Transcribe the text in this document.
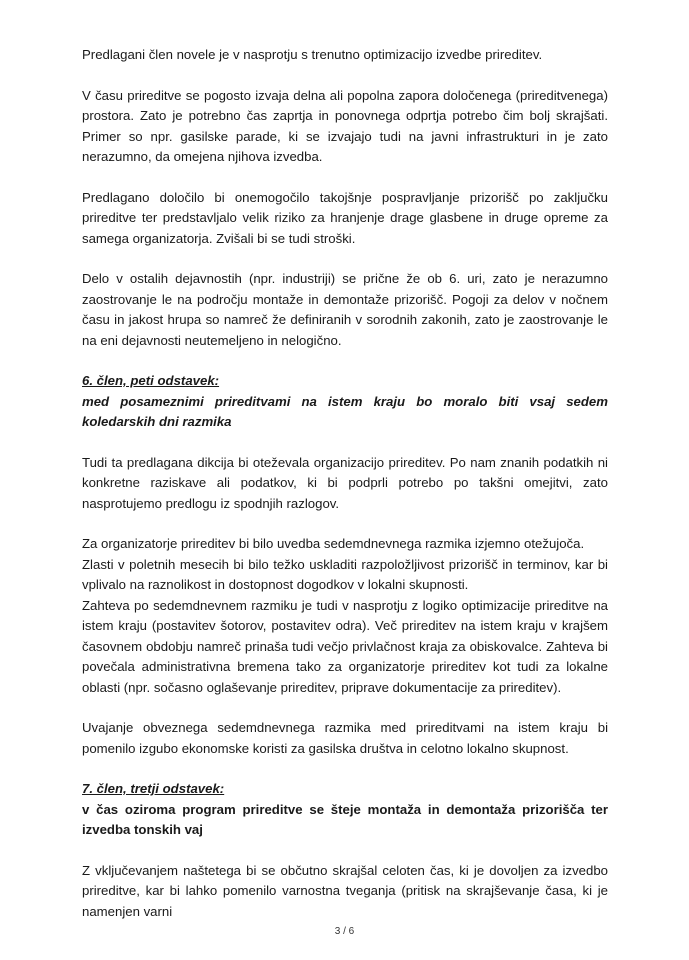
Predlagani člen novele je v nasprotju s trenutno optimizacijo izvedbe prireditev.

V času prireditve se pogosto izvaja delna ali popolna zapora določenega (prireditvenega) prostora. Zato je potrebno čas zaprtja in ponovnega odprtja potrebo čim bolj skrajšati. Primer so npr. gasilske parade, ki se izvajajo tudi na javni infrastrukturi in je zato nerazumno, da omejena njihova izvedba.

Predlagano določilo bi onemogočilo takojšnje pospravljanje prizorišč po zaključku prireditve ter predstavljalo velik riziko za hranjenje drage glasbene in druge opreme za samega organizatorja. Zvišali bi se tudi stroški.

Delo v ostalih dejavnostih (npr. industriji) se prične že ob 6. uri, zato je nerazumno zaostrovanje le na področju montaže in demontaže prizorišč. Pogoji za delov v nočnem času in jakost hrupa so namreč že definiranih v sorodnih zakonih, zato je zaostrovanje le na eni dejavnosti neutemeljeno in nelogično.

6. člen, peti odstavek:

med posameznimi prireditvami na istem kraju bo moralo biti vsaj sedem koledarskih dni razmika

Tudi ta predlagana dikcija bi oteževala organizacijo prireditev. Po nam znanih podatkih ni konkretne raziskave ali podatkov, ki bi podprli potrebo po takšni omejitvi, zato nasprotujemo predlogu iz spodnjih razlogov.

Za organizatorje prireditev bi bilo uvedba sedemdnevnega razmika izjemno otežujoča.

Zlasti v poletnih mesecih bi bilo težko uskladiti razpoložljivost prizorišč in terminov, kar bi vplivalo na raznolikost in dostopnost dogodkov v lokalni skupnosti.

Zahteva po sedemdnevnem razmiku je tudi v nasprotju z logiko optimizacije prireditve na istem kraju (postavitev šotorov, postavitev odra). Več prireditev na istem kraju v krajšem časovnem obdobju namreč prinaša tudi večjo privlačnost kraja za obiskovalce. Zahteva bi povečala administrativna bremena tako za organizatorje prireditev kot tudi za lokalne oblasti (npr. sočasno oglaševanje prireditev, priprave dokumentacije za prireditev).

Uvajanje obveznega sedemdnevnega razmika med prireditvami na istem kraju bi pomenilo izgubo ekonomske koristi za gasilska društva in celotno lokalno skupnost.

7. člen, tretji odstavek:

v čas oziroma program prireditve se šteje montaža in demontaža prizorišča ter izvedba tonskih vaj

Z vključevanjem naštetega bi se občutno skrajšal celoten čas, ki je dovoljen za izvedbo prireditve, kar bi lahko pomenilo varnostna tveganja (pritisk na skrajševanje časa, ki je namenjen varni

3 / 6
